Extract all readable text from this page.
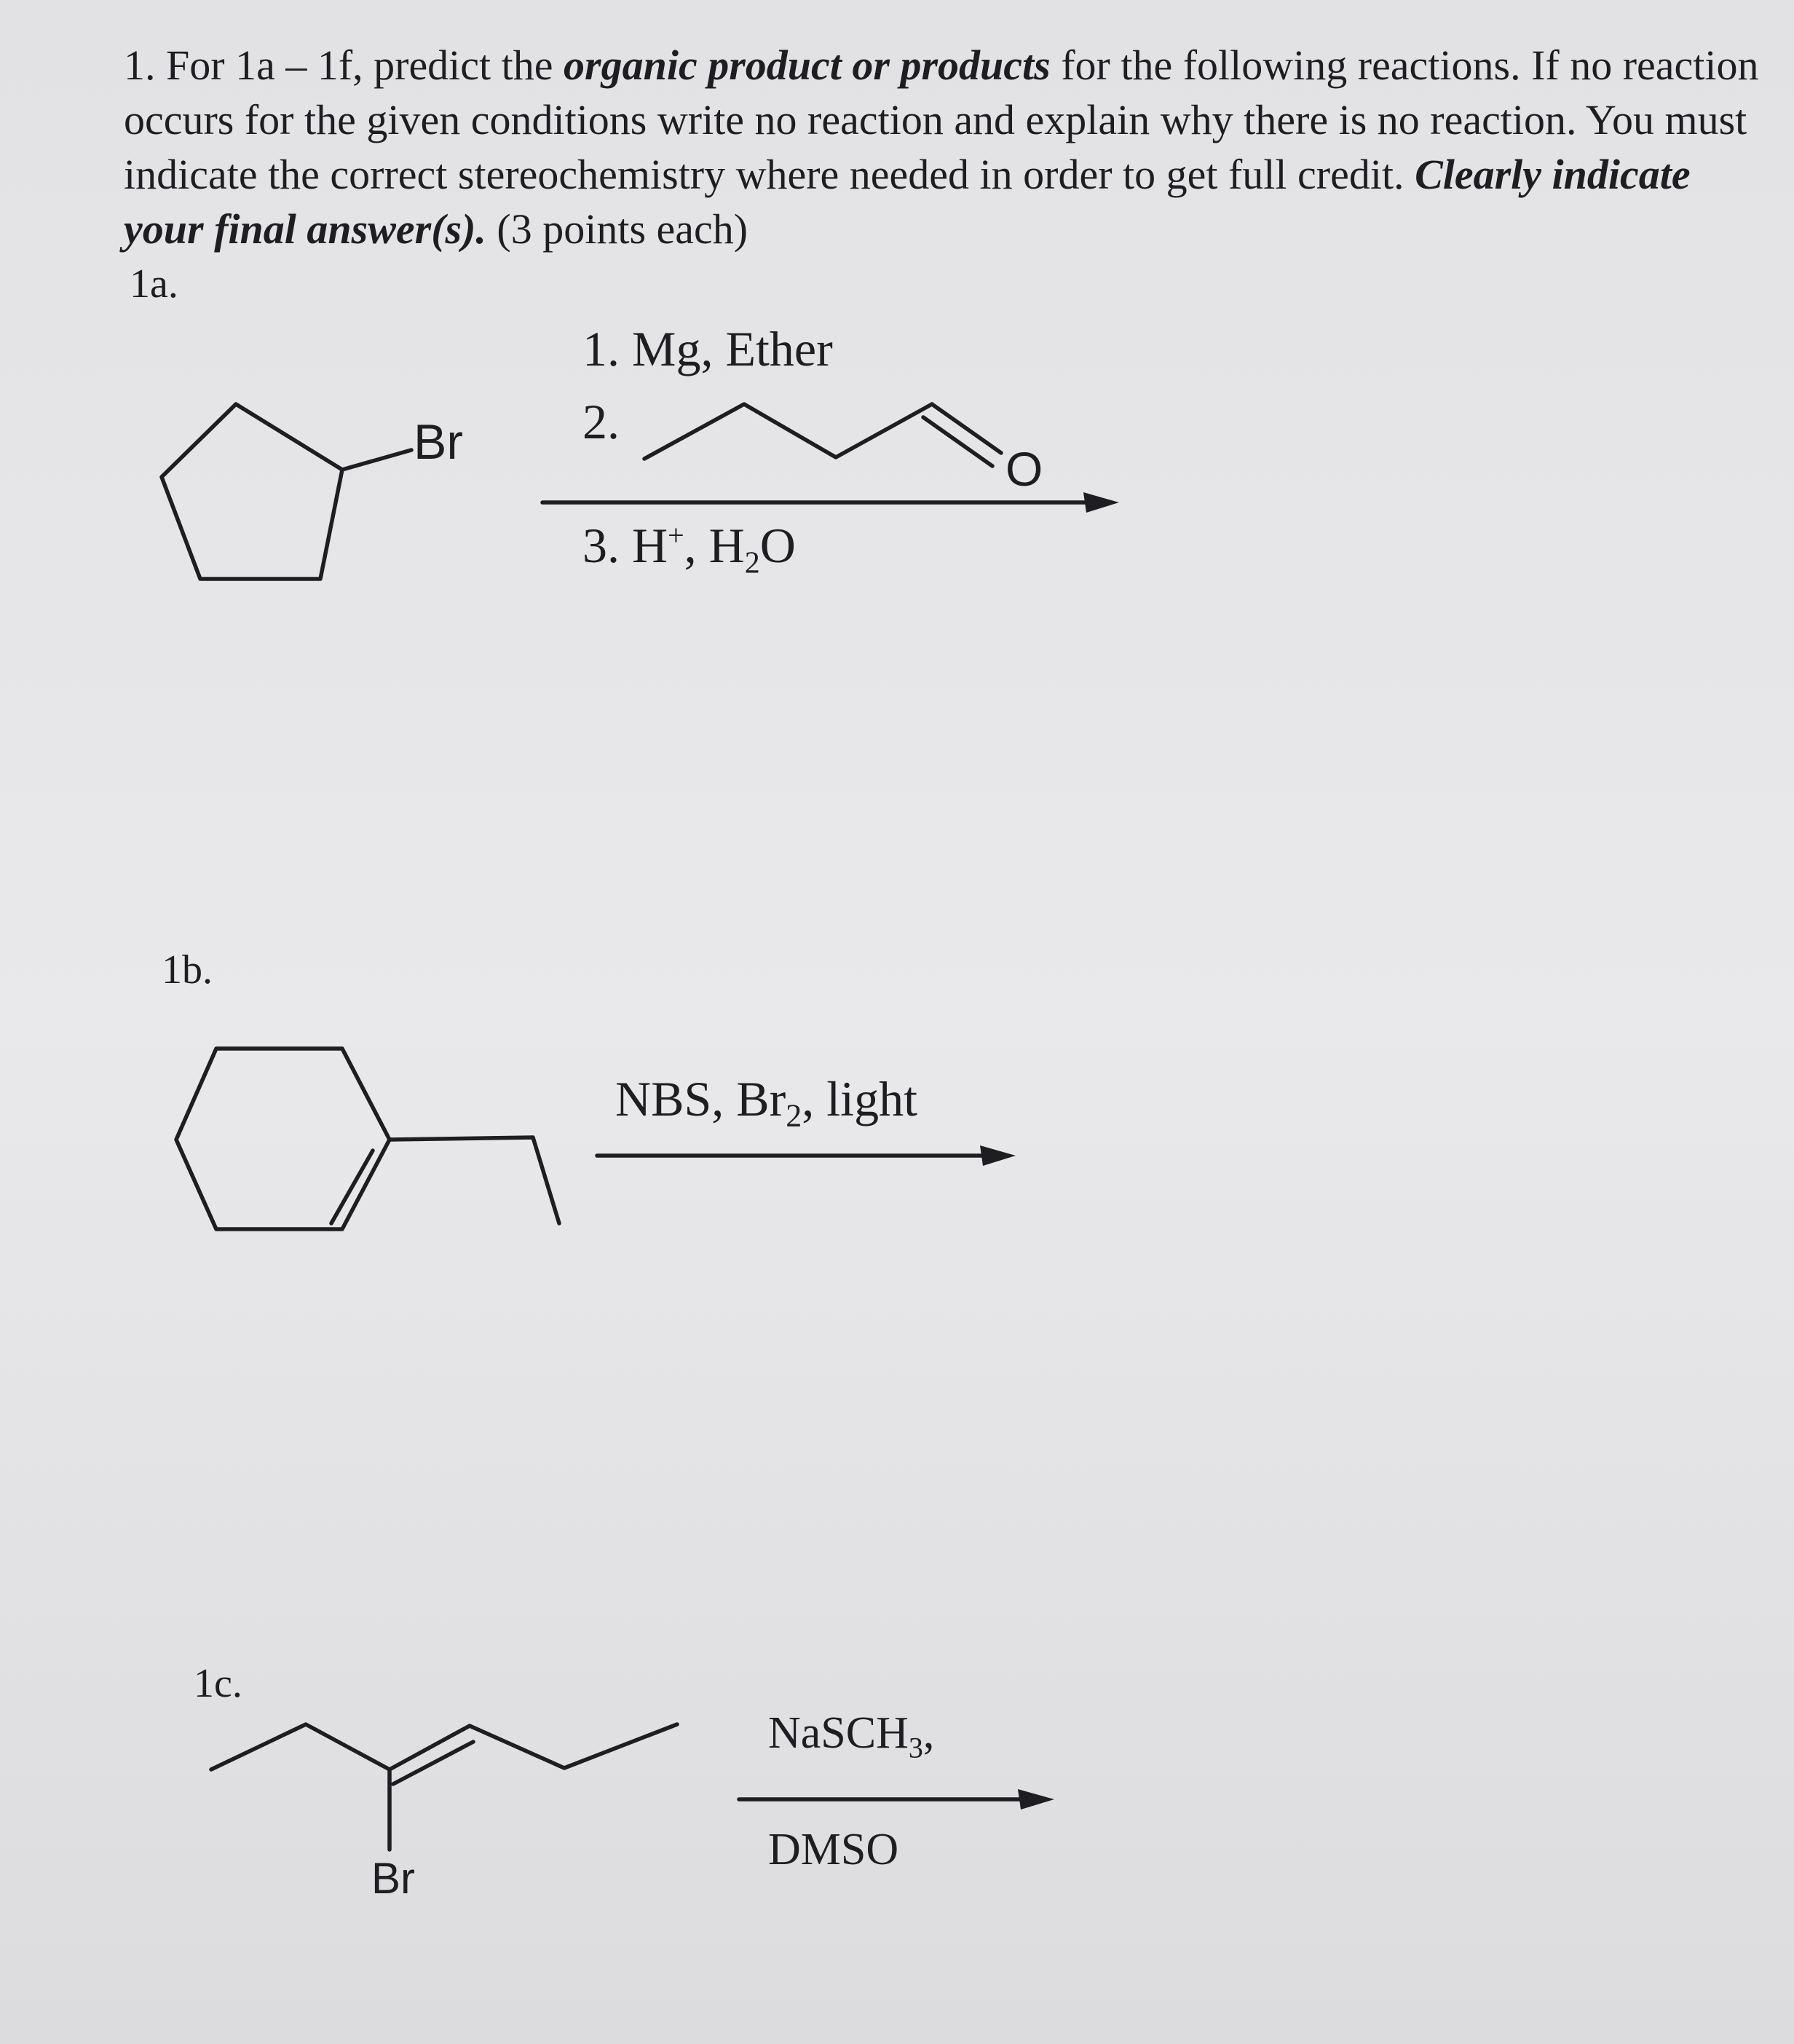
1. For 1a – 1f, predict the organic product or products for the following reactions. If no reaction occurs for the given conditions write no reaction and explain why there is no reaction. You must indicate the correct stereochemistry where needed in order to get full credit. Clearly indicate your final answer(s). (3 points each)

1a.
1b.
1c.
Br	O
Br
1. Mg, Ether
2.
3. H+, $H_2O$
NBS, $Br_2$, light
NaSCH$_3$,
DMSO
